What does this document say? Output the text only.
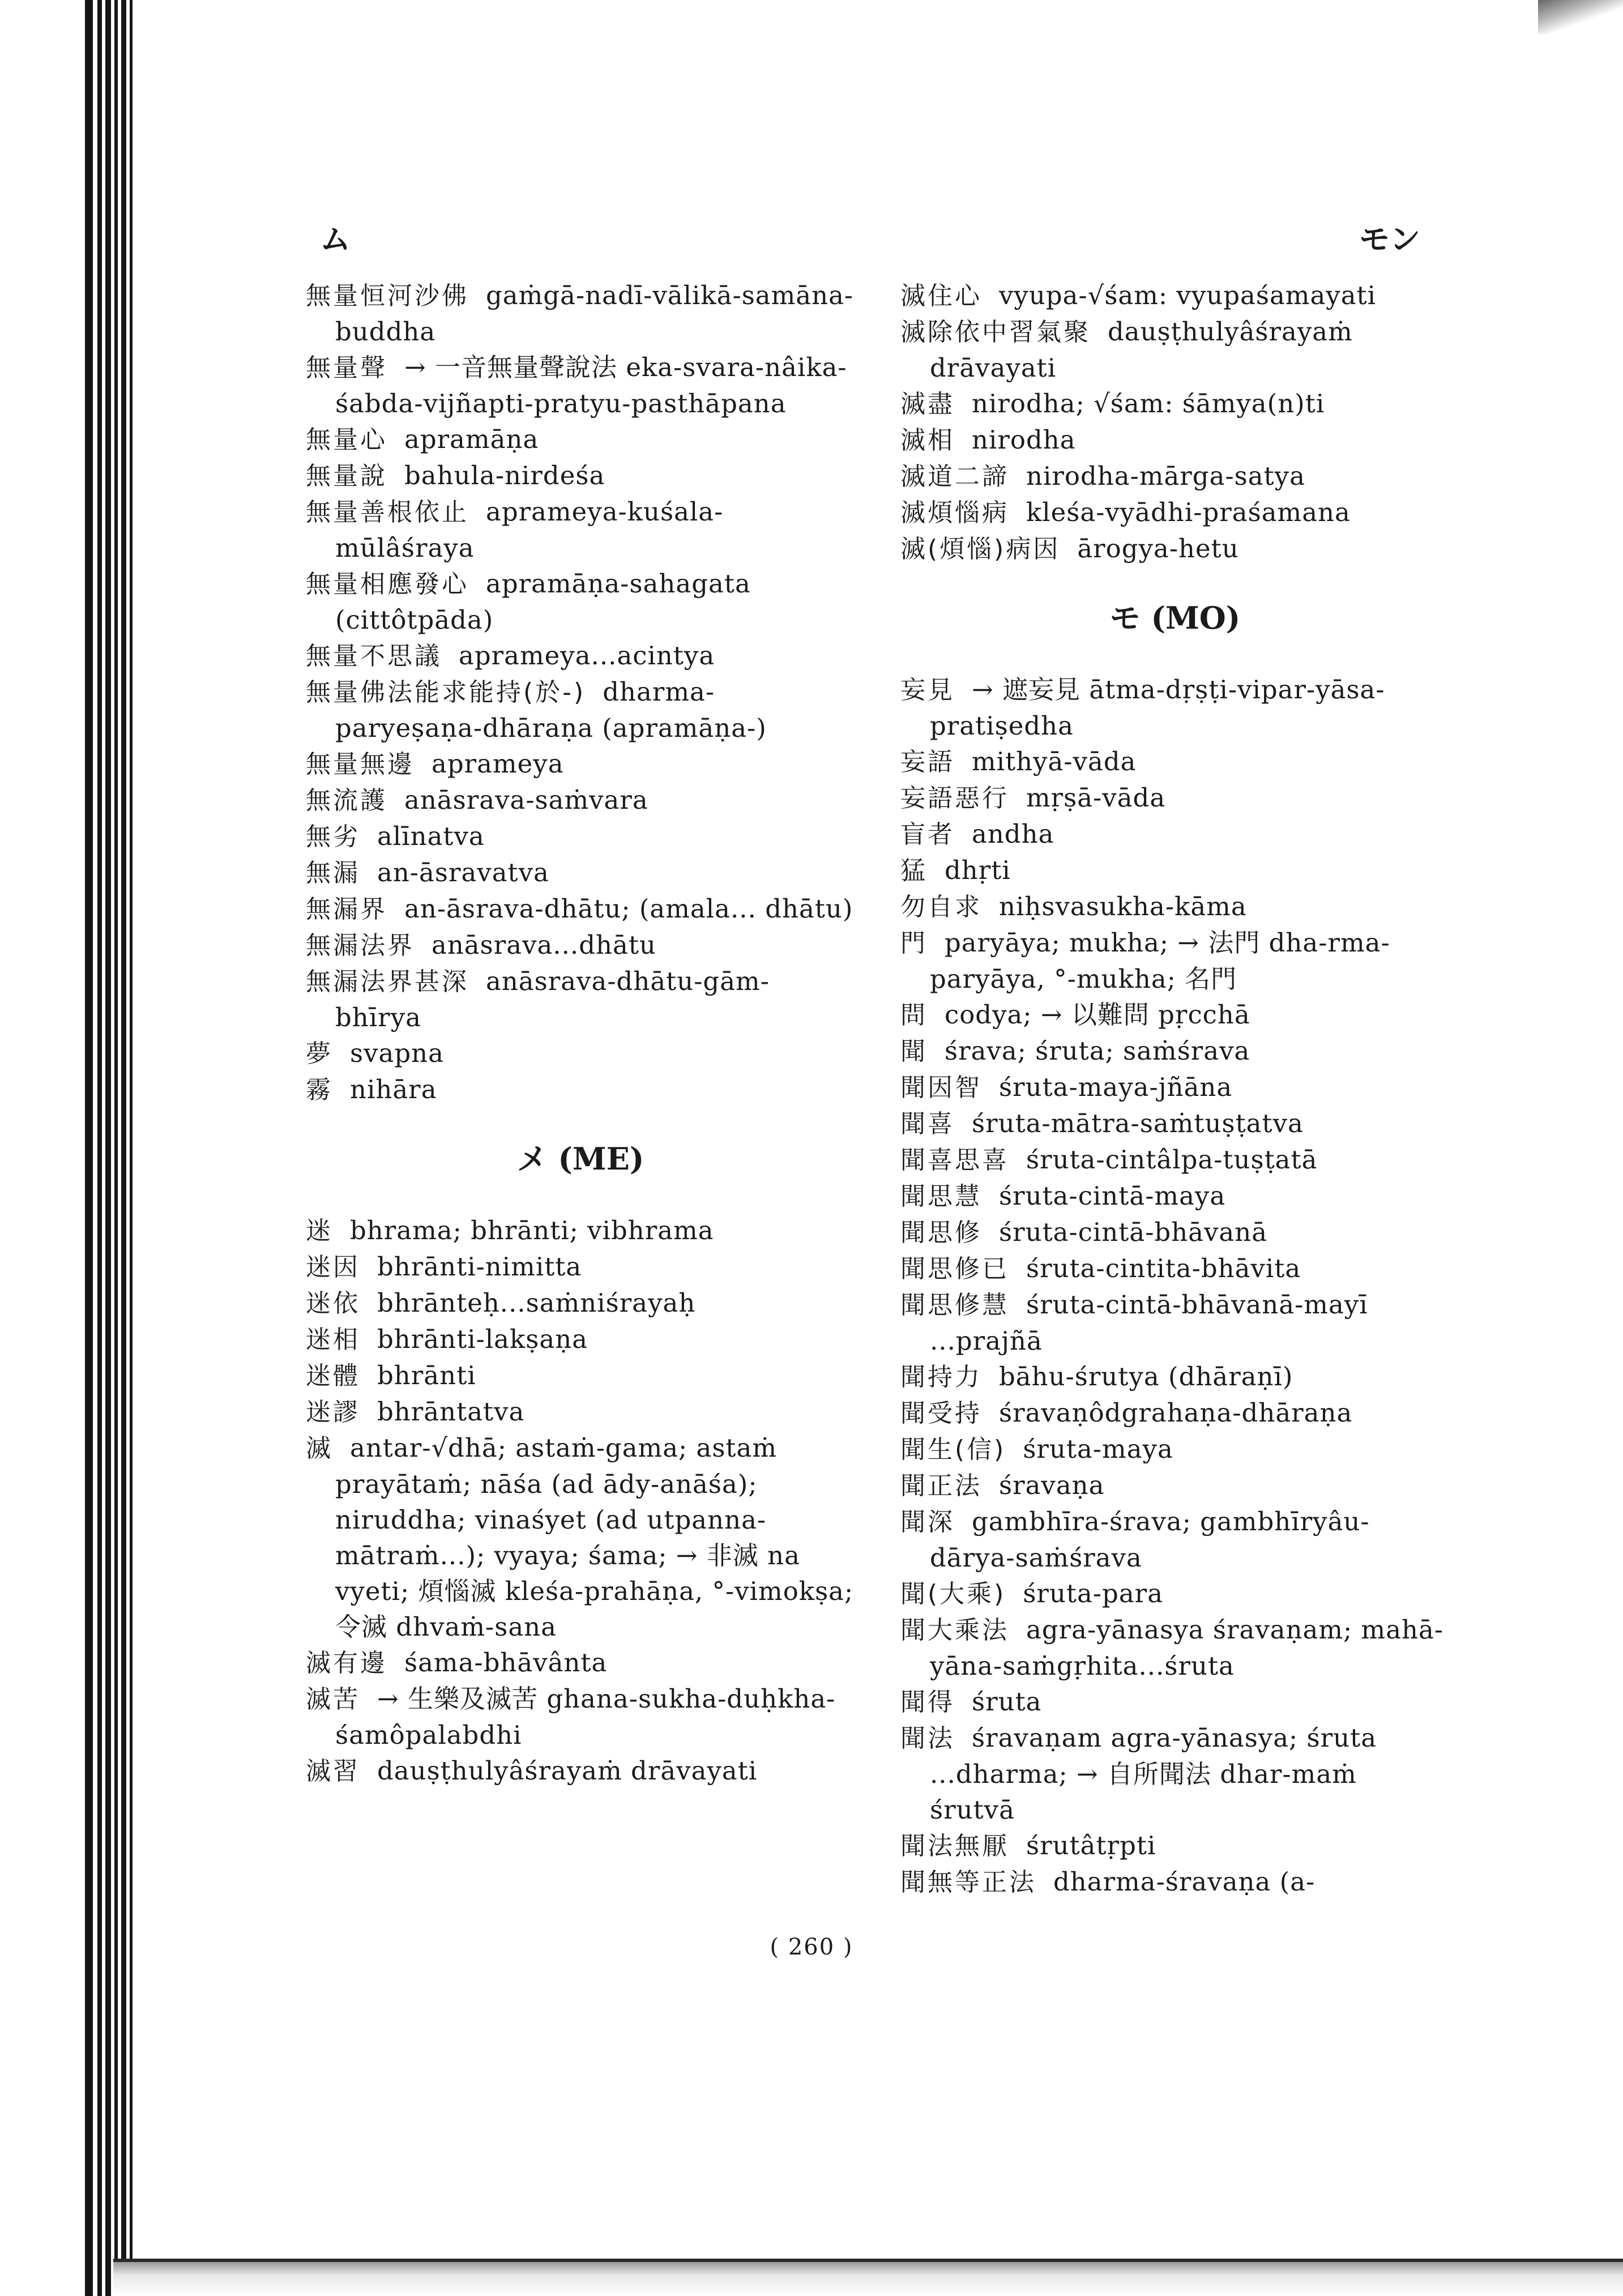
ム	モン
無量恒河沙佛 gaṁgā-nadī-vālikā-samāna-buddha
無量聲 → 一音無量聲說法 eka-svara-nâika-śabda-vijñapti-pratyu-pasthāpana
無量心 apramāṇa
無量說 bahula-nirdeśa
無量善根依止 aprameya-kuśala-mūlâśraya
無量相應發心 apramāṇa-sahagata (cittôtpāda)
無量不思議 aprameya...acintya
無量佛法能求能持(於-) dharma-paryeṣaṇa-dhāraṇa (apramāṇa-)
無量無邊 aprameya
無流護 anāsrava-saṁvara
無劣 alīnatva
無漏 an-āsravatva
無漏界 an-āsrava-dhātu; (amala... dhātu)
無漏法界 anāsrava...dhātu
無漏法界甚深 anāsrava-dhātu-gām-bhīrya
夢 svapna
霧 nihāra
メ (ME)
迷 bhrama; bhrānti; vibhrama
迷因 bhrānti-nimitta
迷依 bhrānteḥ...saṁniśrayaḥ
迷相 bhrānti-lakṣaṇa
迷體 bhrānti
迷謬 bhrāntatva
滅 antar-√dhā; astaṁ-gama; astaṁ prayātaṁ; nāśa (ad ādy-anāśa); niruddha; vinaśyet (ad utpanna-mātraṁ...); vyaya; śama; → 非滅 na vyeti; 煩惱滅 kleśa-prahāṇa, °-vimokṣa; 令滅 dhvaṁ-sana
滅有邊 śama-bhāvânta
滅苦 → 生樂及滅苦 ghana-sukha-duḥkha-śamôpalabdhi
滅習 dauṣṭhulyâśrayaṁ drāvayati
滅住心 vyupa-√śam: vyupaśamayati
滅除依中習氣聚 dauṣṭhulyâśrayaṁ drāvayati
滅盡 nirodha; √śam: śāmya(n)ti
滅相 nirodha
滅道二諦 nirodha-mārga-satya
滅煩惱病 kleśa-vyādhi-praśamana
滅(煩惱)病因 ārogya-hetu
モ (MO)
妄見 → 遮妄見 ātma-dṛṣṭi-vipar-yāsa-pratiṣedha
妄語 mithyā-vāda
妄語惡行 mṛṣā-vāda
盲者 andha
猛 dhṛti
勿自求 niḥsvasukha-kāma
門 paryāya; mukha; → 法門 dha-rma-paryāya, °-mukha; 名門
問 codya; → 以難問 pṛcchā
聞 śrava; śruta; saṁśrava
聞因智 śruta-maya-jñāna
聞喜 śruta-mātra-saṁtuṣṭatva
聞喜思喜 śruta-cintâlpa-tuṣṭatā
聞思慧 śruta-cintā-maya
聞思修 śruta-cintā-bhāvanā
聞思修已 śruta-cintita-bhāvita
聞思修慧 śruta-cintā-bhāvanā-mayī ...prajñā
聞持力 bāhu-śrutya (dhāraṇī)
聞受持 śravaṇôdgrahaṇa-dhāraṇa
聞生(信) śruta-maya
聞正法 śravaṇa
聞深 gambhīra-śrava; gambhīryâu-dārya-saṁśrava
聞(大乘) śruta-para
聞大乘法 agra-yānasya śravaṇam; mahā-yāna-saṁgṛhita...śruta
聞得 śruta
聞法 śravaṇam agra-yānasya; śruta ...dharma; → 自所聞法 dhar-maṁ śrutvā
聞法無厭 śrutâtṛpti
聞無等正法 dharma-śravaṇa (a-
( 260 )
